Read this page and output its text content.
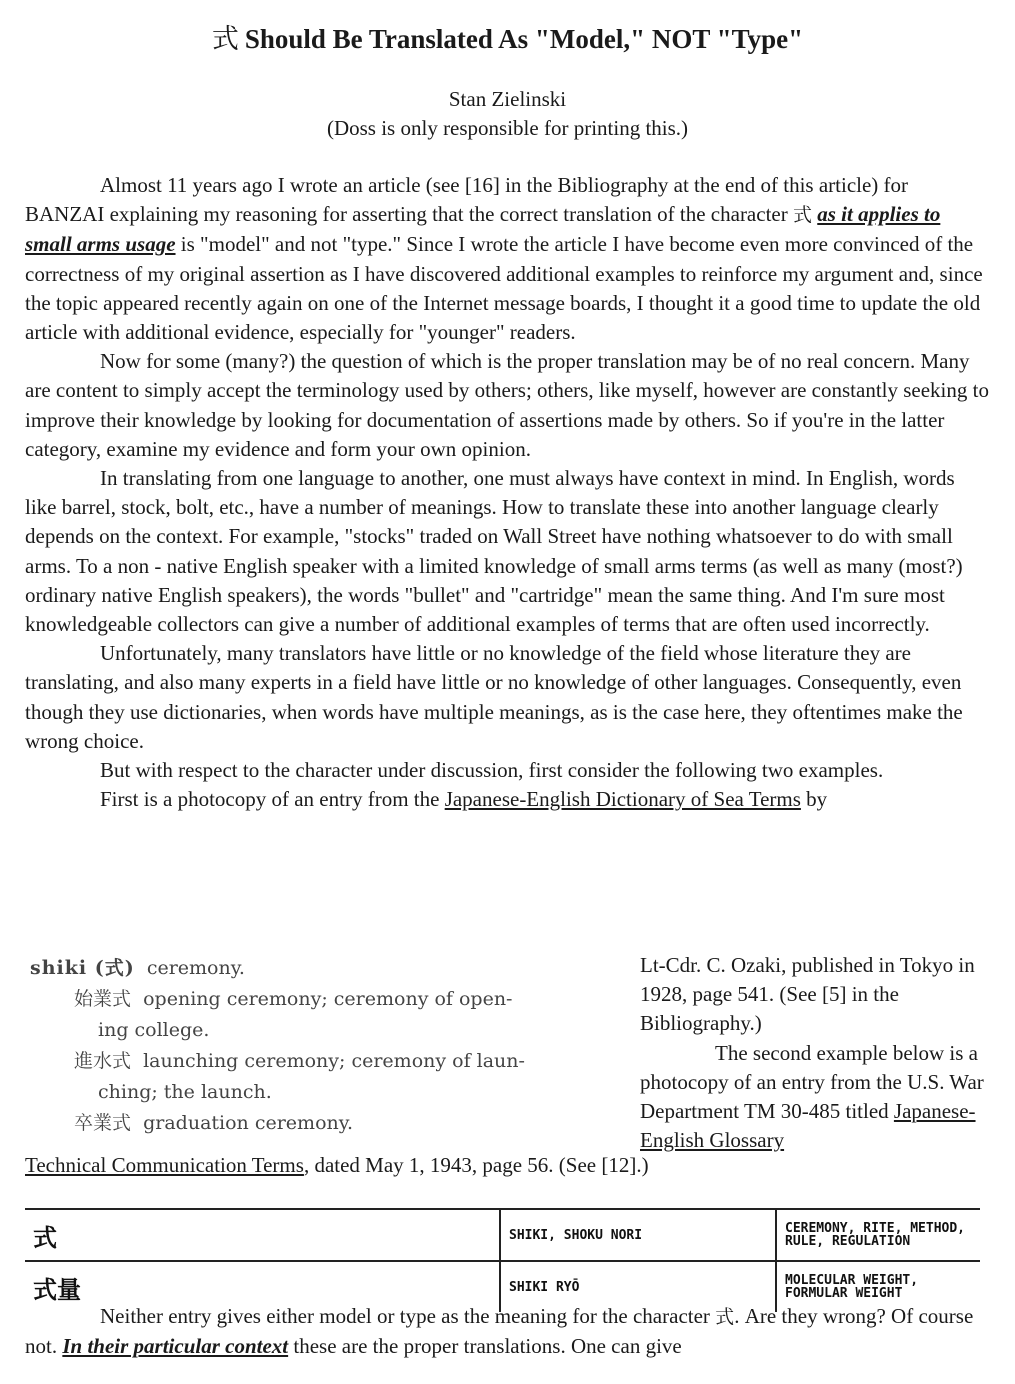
式 Should Be Translated As "Model," NOT "Type"
Stan Zielinski
(Doss is only responsible for printing this.)

Almost 11 years ago I wrote an article (see [16] in the Bibliography at the end of this article) for BANZAI explaining my reasoning for asserting that the correct translation of the character 式 as it applies to small arms usage is "model" and not "type." Since I wrote the article I have become even more convinced of the correctness of my original assertion as I have discovered additional examples to reinforce my argument and, since the topic appeared recently again on one of the Internet message boards, I thought it a good time to update the old article with additional evidence, especially for "younger" readers.

Now for some (many?) the question of which is the proper translation may be of no real concern. Many are content to simply accept the terminology used by others; others, like myself, however are constantly seeking to improve their knowledge by looking for documentation of assertions made by others. So if you're in the latter category, examine my evidence and form your own opinion.

In translating from one language to another, one must always have context in mind. In English, words like barrel, stock, bolt, etc., have a number of meanings. How to translate these into another language clearly depends on the context. For example, "stocks" traded on Wall Street have nothing whatsoever to do with small arms. To a non - native English speaker with a limited knowledge of small arms terms (as well as many (most?) ordinary native English speakers), the words "bullet" and "cartridge" mean the same thing. And I'm sure most knowledgeable collectors can give a number of additional examples of terms that are often used incorrectly.

Unfortunately, many translators have little or no knowledge of the field whose literature they are translating, and also many experts in a field have little or no knowledge of other languages. Consequently, even though they use dictionaries, when words have multiple meanings, as is the case here, they oftentimes make the wrong choice.

But with respect to the character under discussion, first consider the following two examples.

First is a photocopy of an entry from the Japanese-English Dictionary of Sea Terms by

shiki (式) ceremony.

始業式 opening ceremony; ceremony of open-

ing college.

進水式 launching ceremony; ceremony of laun-

ching; the launch.

卒業式 graduation ceremony.

Lt-Cdr. C. Ozaki, published in Tokyo in 1928, page 541. (See [5] in the Bibliography.)

The second example below is a photocopy of an entry from the U.S. War Department TM 30-485 titled Japanese-English Glossary

Technical Communication Terms, dated May 1, 1943, page 56. (See [12].)
式	SHIKI, SHOKU NORI	CEREMONY, RITE, METHOD, RULE, REGULATION
式量	SHIKI RYŌ	MOLECULAR WEIGHT, FORMULAR WEIGHT

Neither entry gives either model or type as the meaning for the character 式. Are they wrong? Of course not. In their particular context these are the proper translations. One can give
